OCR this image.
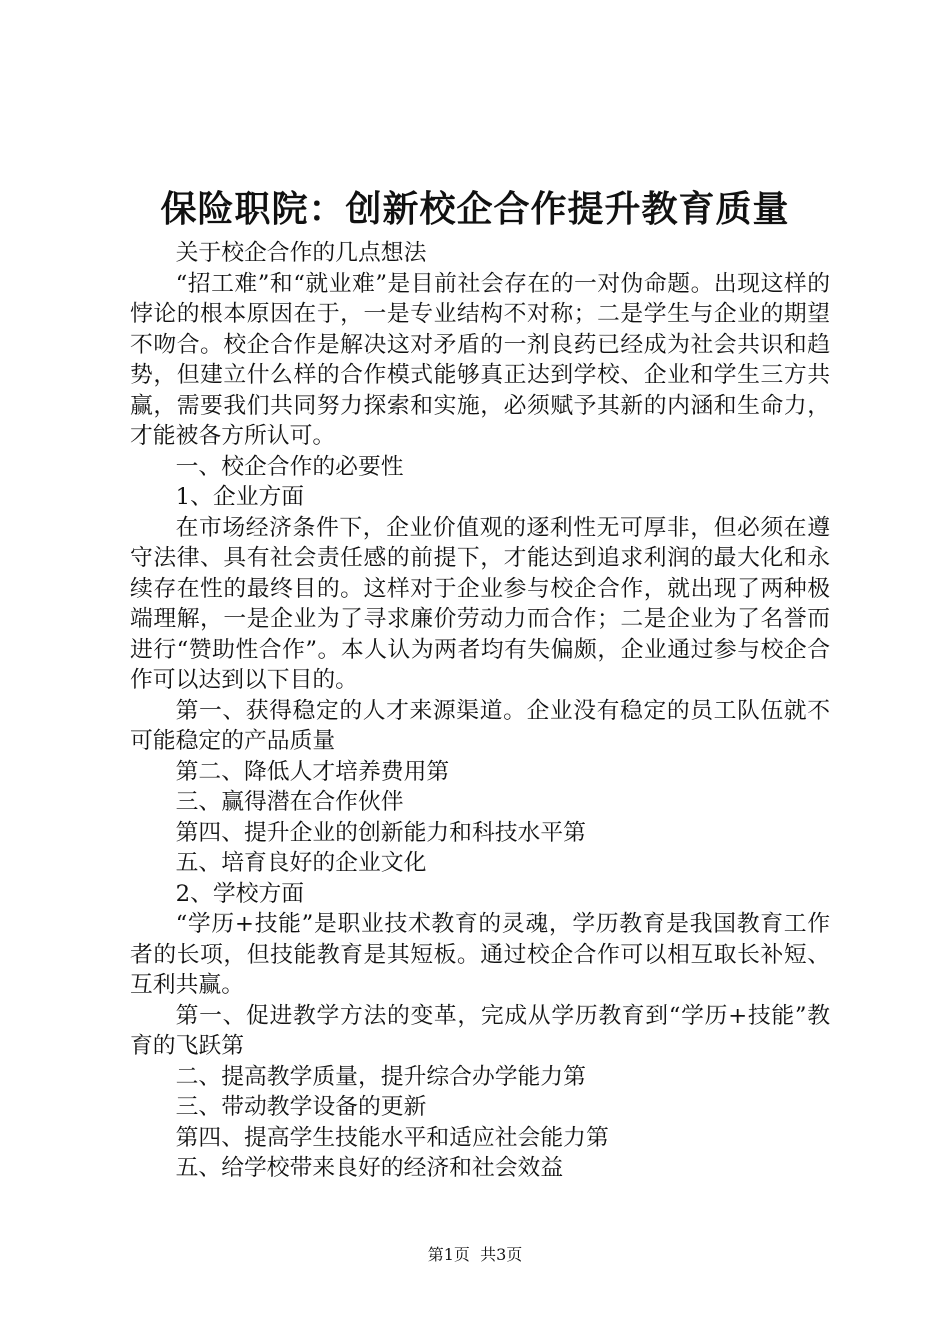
保险职院：创新校企合作提升教育质量

关于校企合作的几点想法

“招工难”和“就业难”是目前社会存在的一对伪命题。出现这样的悖论的根本原因在于，一是专业结构不对称；二是学生与企业的期望不吻合。校企合作是解决这对矛盾的一剂良药已经成为社会共识和趋势，但建立什么样的合作模式能够真正达到学校、企业和学生三方共赢，需要我们共同努力探索和实施，必须赋予其新的内涵和生命力，才能被各方所认可。

一、校企合作的必要性

1、企业方面

在市场经济条件下，企业价值观的逐利性无可厚非，但必须在遵守法律、具有社会责任感的前提下，才能达到追求利润的最大化和永续存在性的最终目的。这样对于企业参与校企合作，就出现了两种极端理解，一是企业为了寻求廉价劳动力而合作；二是企业为了名誉而进行“赞助性合作”。本人认为两者均有失偏颇，企业通过参与校企合作可以达到以下目的。

第一、获得稳定的人才来源渠道。企业没有稳定的员工队伍就不可能稳定的产品质量

第二、降低人才培养费用第

三、赢得潜在合作伙伴

第四、提升企业的创新能力和科技水平第

五、培育良好的企业文化

2、学校方面

“学历+技能”是职业技术教育的灵魂，学历教育是我国教育工作者的长项，但技能教育是其短板。通过校企合作可以相互取长补短、互利共赢。

第一、促进教学方法的变革，完成从学历教育到“学历+技能”教育的飞跃第

二、提高教学质量，提升综合办学能力第

三、带动教学设备的更新

第四、提高学生技能水平和适应社会能力第

五、给学校带来良好的经济和社会效益

第1页  共3页
